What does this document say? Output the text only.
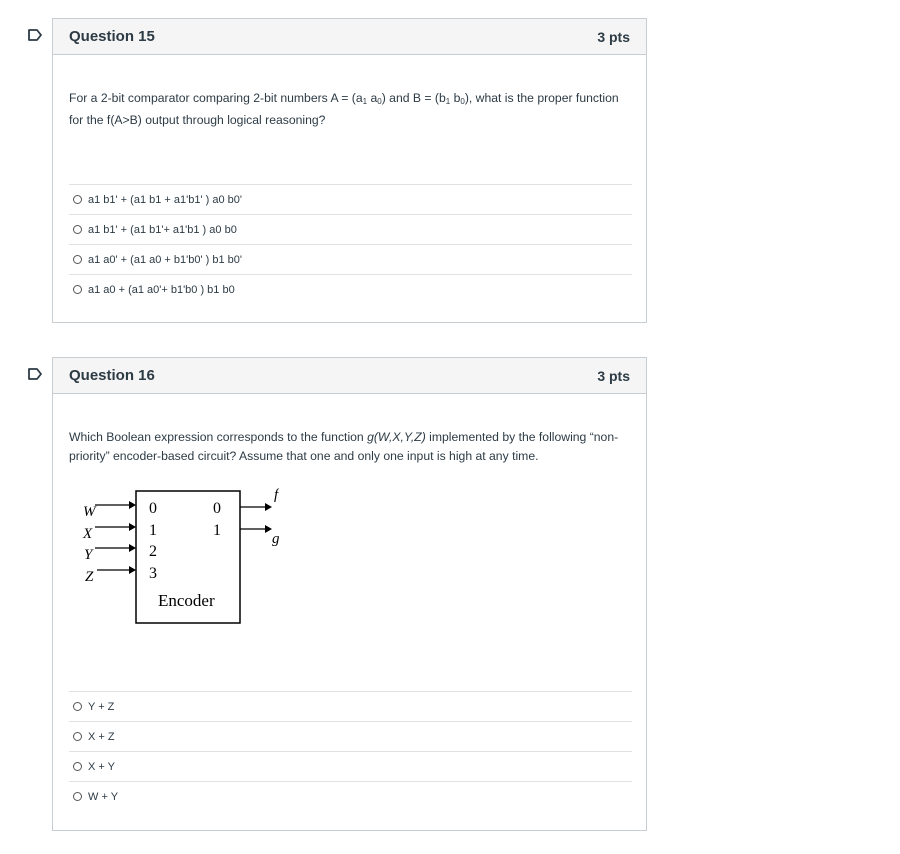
Question 15	3 pts
For a 2-bit comparator comparing 2-bit numbers $A = (a_1$ $a_0$) and $B = (b_1$ $b_0$), what is the proper function for the f(A>B) output through logical reasoning?
a1 b1' + (a1 b1 + a1'b1' ) a0 b0'
a1 b1' + (a1 b1'+ a1'b1 ) a0 b0
a1 a0' + (a1 a0 + b1'b0' ) b1 b0'
a1 a0 + (a1 a0'+ b1'b0 ) b1 b0
Question 16	3 pts
Which Boolean expression corresponds to the function g(W,X,Y,Z) implemented by the following “non-priority” encoder-based circuit? Assume that one and only one input is high at any time.
W
X
Y
Z
0
1
2
3
0
1
Encoder
f
g
Y + Z
X + Z
X + Y
W + Y
